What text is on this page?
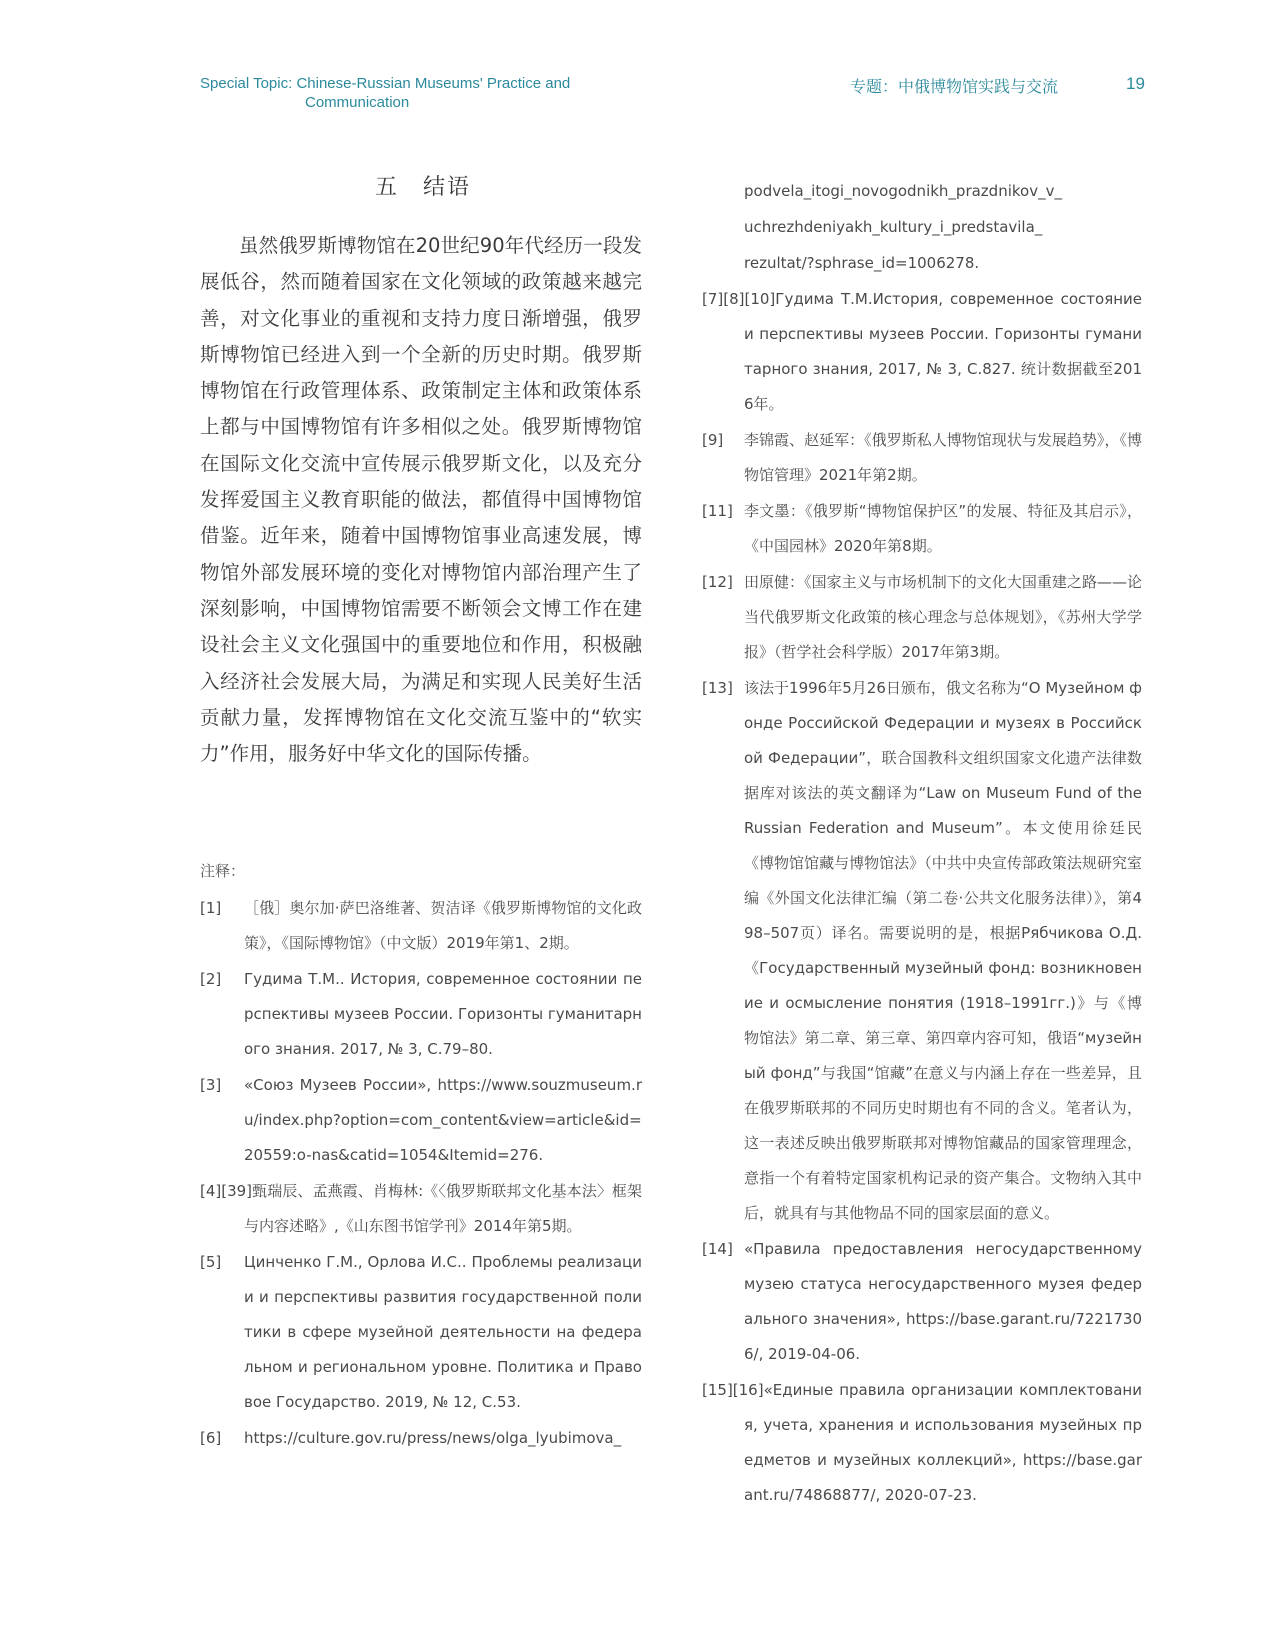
Special Topic: Chinese-Russian Museums' Practice and
Communication
专题：中俄博物馆实践与交流	19
五　结语

虽然俄罗斯博物馆在20世纪90年代经历一段发展低谷，然而随着国家在文化领域的政策越来越完善，对文化事业的重视和支持力度日渐增强，俄罗斯博物馆已经进入到一个全新的历史时期。俄罗斯博物馆在行政管理体系、政策制定主体和政策体系上都与中国博物馆有许多相似之处。俄罗斯博物馆在国际文化交流中宣传展示俄罗斯文化，以及充分发挥爱国主义教育职能的做法，都值得中国博物馆借鉴。近年来，随着中国博物馆事业高速发展，博物馆外部发展环境的变化对博物馆内部治理产生了深刻影响，中国博物馆需要不断领会文博工作在建设社会主义文化强国中的重要地位和作用，积极融入经济社会发展大局，为满足和实现人民美好生活贡献力量，发挥博物馆在文化交流互鉴中的“软实力”作用，服务好中华文化的国际传播。

注释：
[1]	［俄］奥尔加·萨巴洛维著、贺洁译《俄罗斯博物馆的文化政策》，《国际博物馆》（中文版）2019年第1、2期。
[2]	Гудима Т.М.. История, современное состоянии перспективы музеев России. Горизонты гуманитарного знания. 2017, № 3, С.79–80.
[3]	«Союз Музеев России», https://www.souzmuseum.ru/index.php?option=com_content&view=article&id=20559:o-nas&catid=1054&Itemid=276.
[4][39]甄瑞辰、孟燕霞、肖梅林:《〈俄罗斯联邦文化基本法〉框架与内容述略》,《山东图书馆学刊》2014年第5期。
[5]	Цинченко Г.М., Орлова И.С.. Проблемы реализации и перспективы развития государственной политики в сфере музейной деятельности на федеральном и региональном уровне. Политика и Правовое Государство. 2019, № 12, С.53.
[6]	https://culture.gov.ru/press/news/olga_lyubimova_
podvela_itogi_novogodnikh_prazdnikov_v_
uchrezhdeniyakh_kultury_i_predstavila_
rezultat/?sphrase_id=1006278.
[7][8][10]Гудима Т.М.История, современное состояниеи перспективы музеев России. Горизонты гуманитарного знания, 2017, № 3, С.827. 统计数据截至2016年。
[9]	李锦霞、赵延军：《俄罗斯私人博物馆现状与发展趋势》，《博物馆管理》2021年第2期。
[11] 李文墨：《俄罗斯“博物馆保护区”的发展、特征及其启示》，《中国园林》2020年第8期。
[12] 田原健：《国家主义与市场机制下的文化大国重建之路——论当代俄罗斯文化政策的核心理念与总体规划》，《苏州大学学报》（哲学社会科学版）2017年第3期。
[13] 该法于1996年5月26日颁布，俄文名称为“О Музейном фонде Российской Федерации и музеях в Российской Федерации”，联合国教科文组织国家文化遗产法律数据库对该法的英文翻译为“Law on Museum Fund of the Russian Federation and Museum”。本文使用徐廷民《博物馆馆藏与博物馆法》（中共中央宣传部政策法规研究室编《外国文化法律汇编（第二卷·公共文化服务法律）》，第498–507页）译名。需要说明的是，根据Рябчикова О.Д.《Государственный музейный фонд: возникновение и осмысление понятия (1918–1991гг.)》与《博物馆法》第二章、第三章、第四章内容可知，俄语“музейный фонд”与我国“馆藏”在意义与内涵上存在一些差异，且在俄罗斯联邦的不同历史时期也有不同的含义。笔者认为，这一表述反映出俄罗斯联邦对博物馆藏品的国家管理理念，意指一个有着特定国家机构记录的资产集合。文物纳入其中后，就具有与其他物品不同的国家层面的意义。
[14] «Правила предоставления негосударственному музею статуса негосударственного музея федерального значения», https://base.garant.ru/72217306/, 2019-04-06.
[15][16]«Единые правила организации комплектования, учета, хранения и использования музейных предметов и музейных коллекций», https://base.garant.ru/74868877/, 2020-07-23.
